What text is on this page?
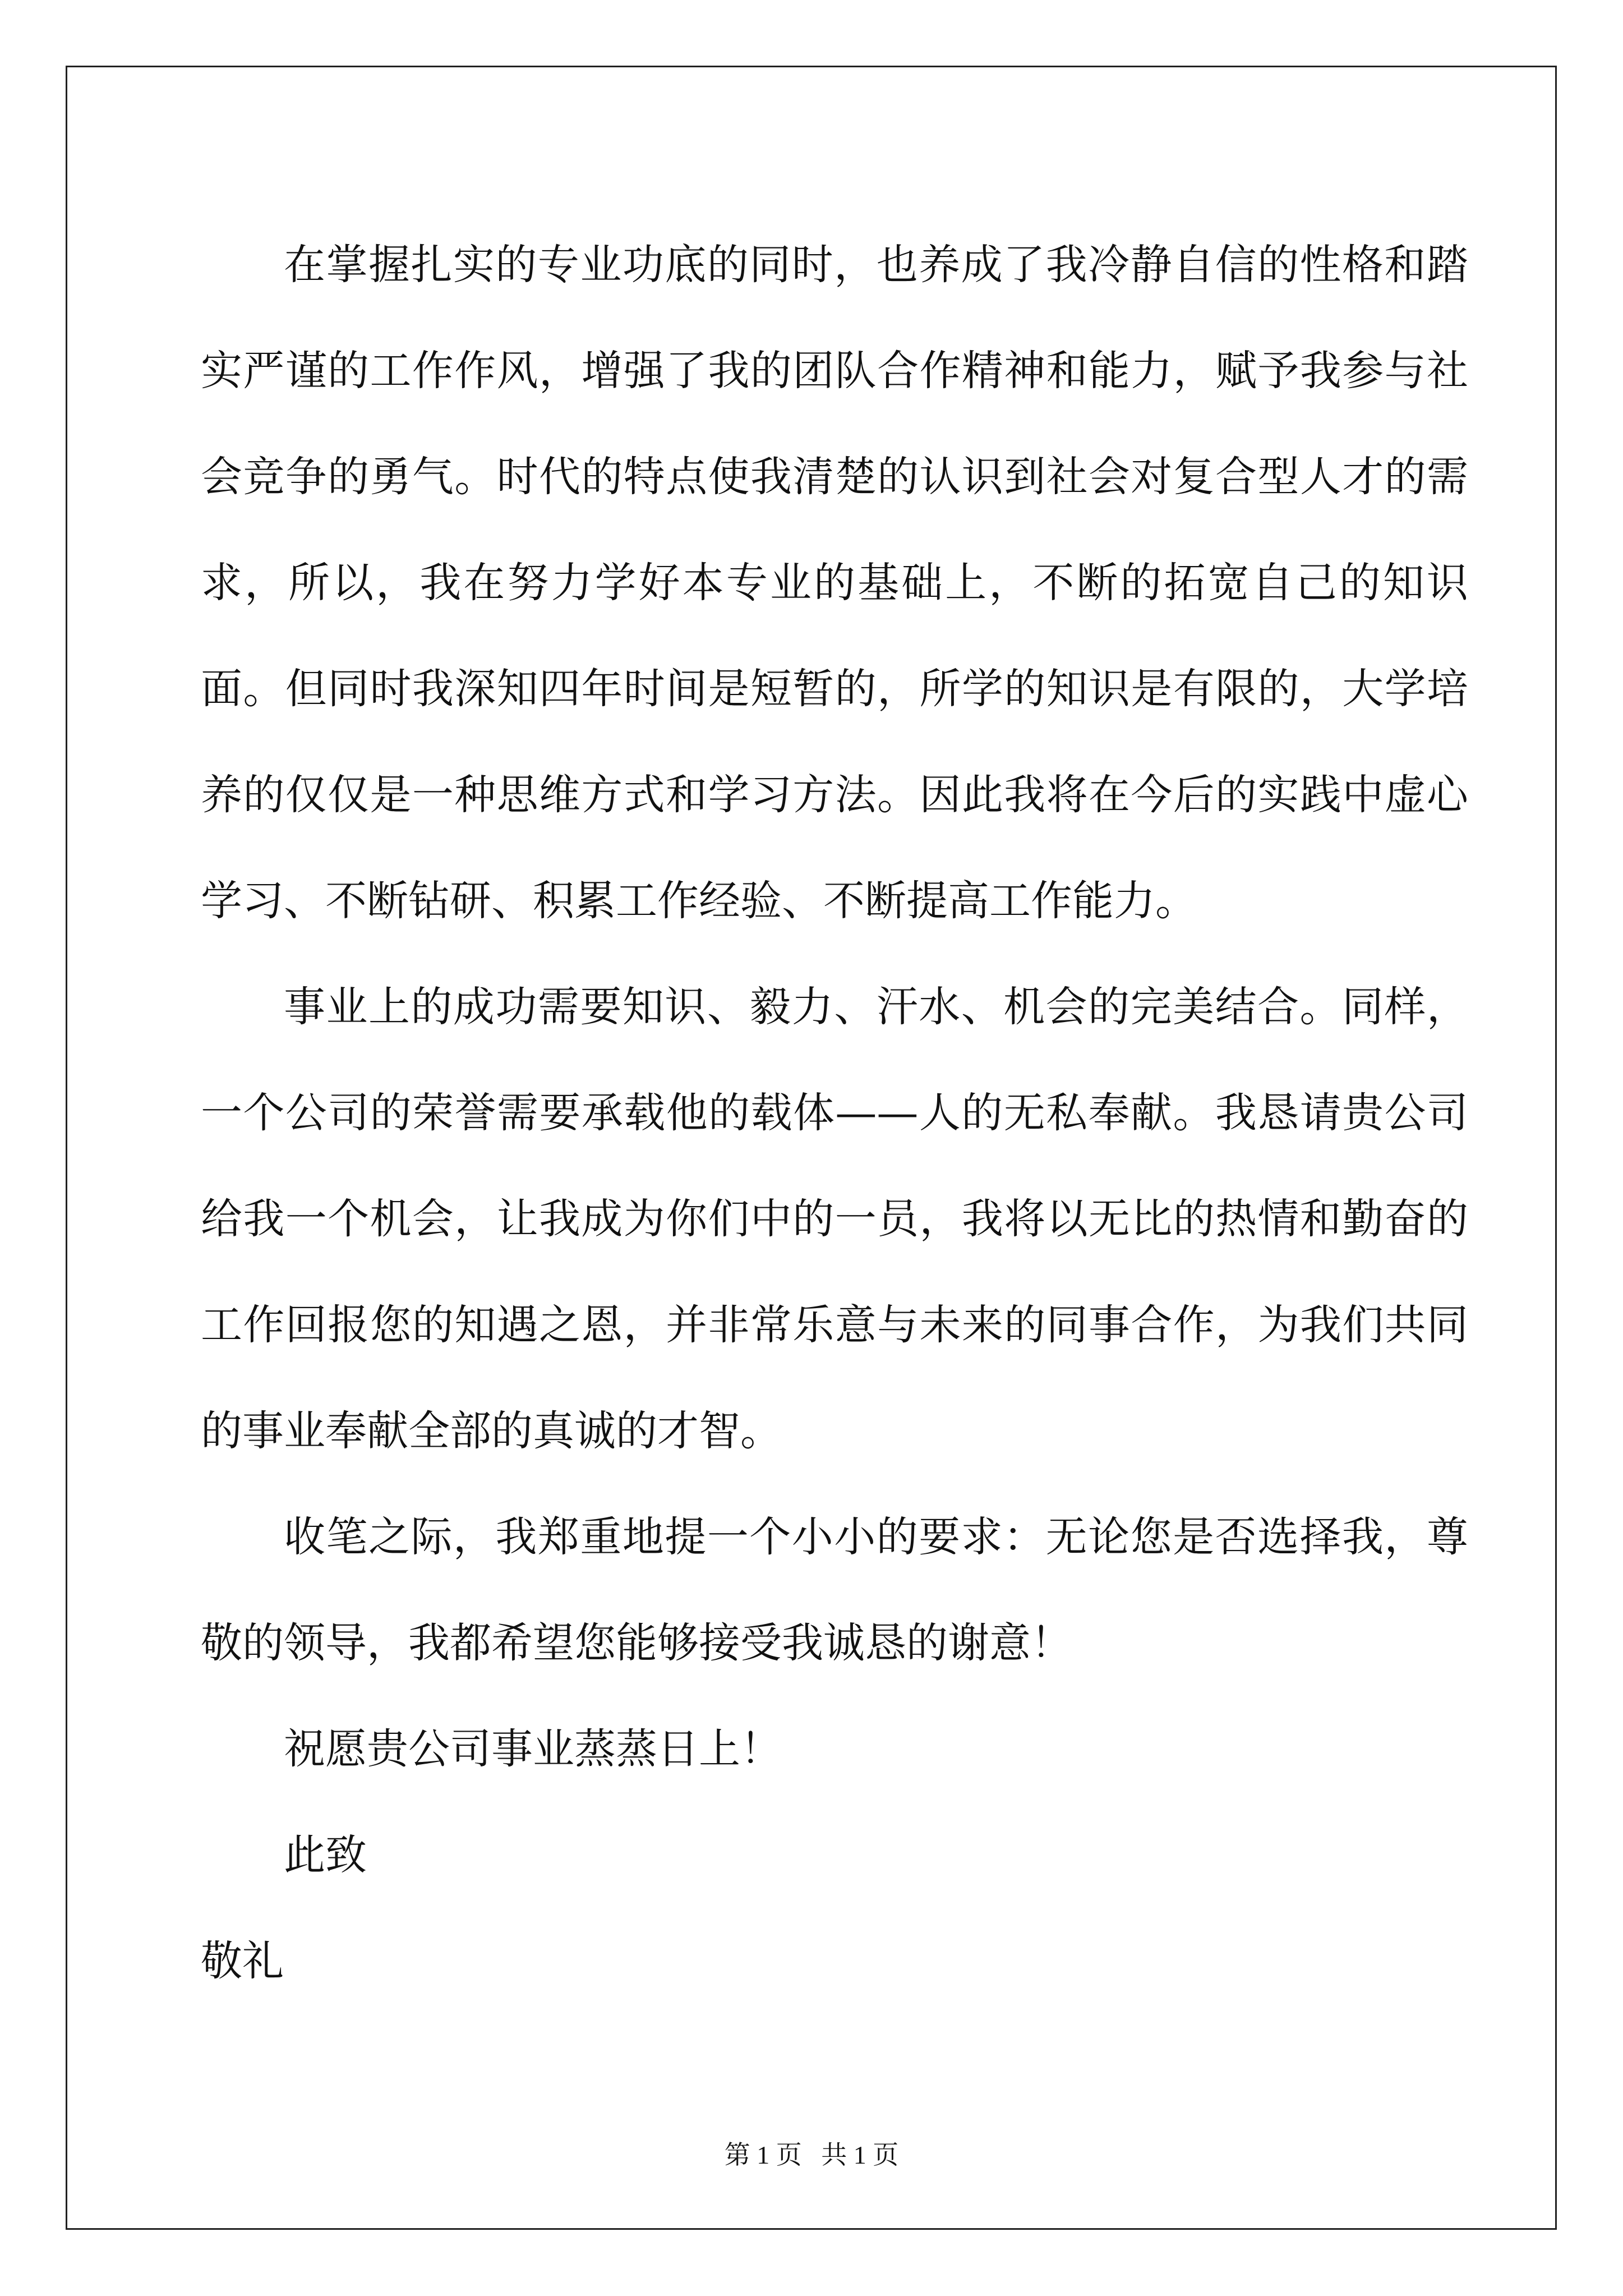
在掌握扎实的专业功底的同时，也养成了我冷静自信的性格和踏实严谨的工作作风，增强了我的团队合作精神和能力，赋予我参与社会竞争的勇气。时代的特点使我清楚的认识到社会对复合型人才的需求，所以，我在努力学好本专业的基础上，不断的拓宽自己的知识面。但同时我深知四年时间是短暂的，所学的知识是有限的，大学培养的仅仅是一种思维方式和学习方法。因此我将在今后的实践中虚心学习、不断钻研、积累工作经验、不断提高工作能力。

事业上的成功需要知识、毅力、汗水、机会的完美结合。同样，一个公司的荣誉需要承载他的载体——人的无私奉献。我恳请贵公司给我一个机会，让我成为你们中的一员，我将以无比的热情和勤奋的工作回报您的知遇之恩，并非常乐意与未来的同事合作，为我们共同的事业奉献全部的真诚的才智。

收笔之际，我郑重地提一个小小的要求：无论您是否选择我，尊敬的领导，我都希望您能够接受我诚恳的谢意！

祝愿贵公司事业蒸蒸日上！

此致

敬礼

第 1 页   共 1 页
